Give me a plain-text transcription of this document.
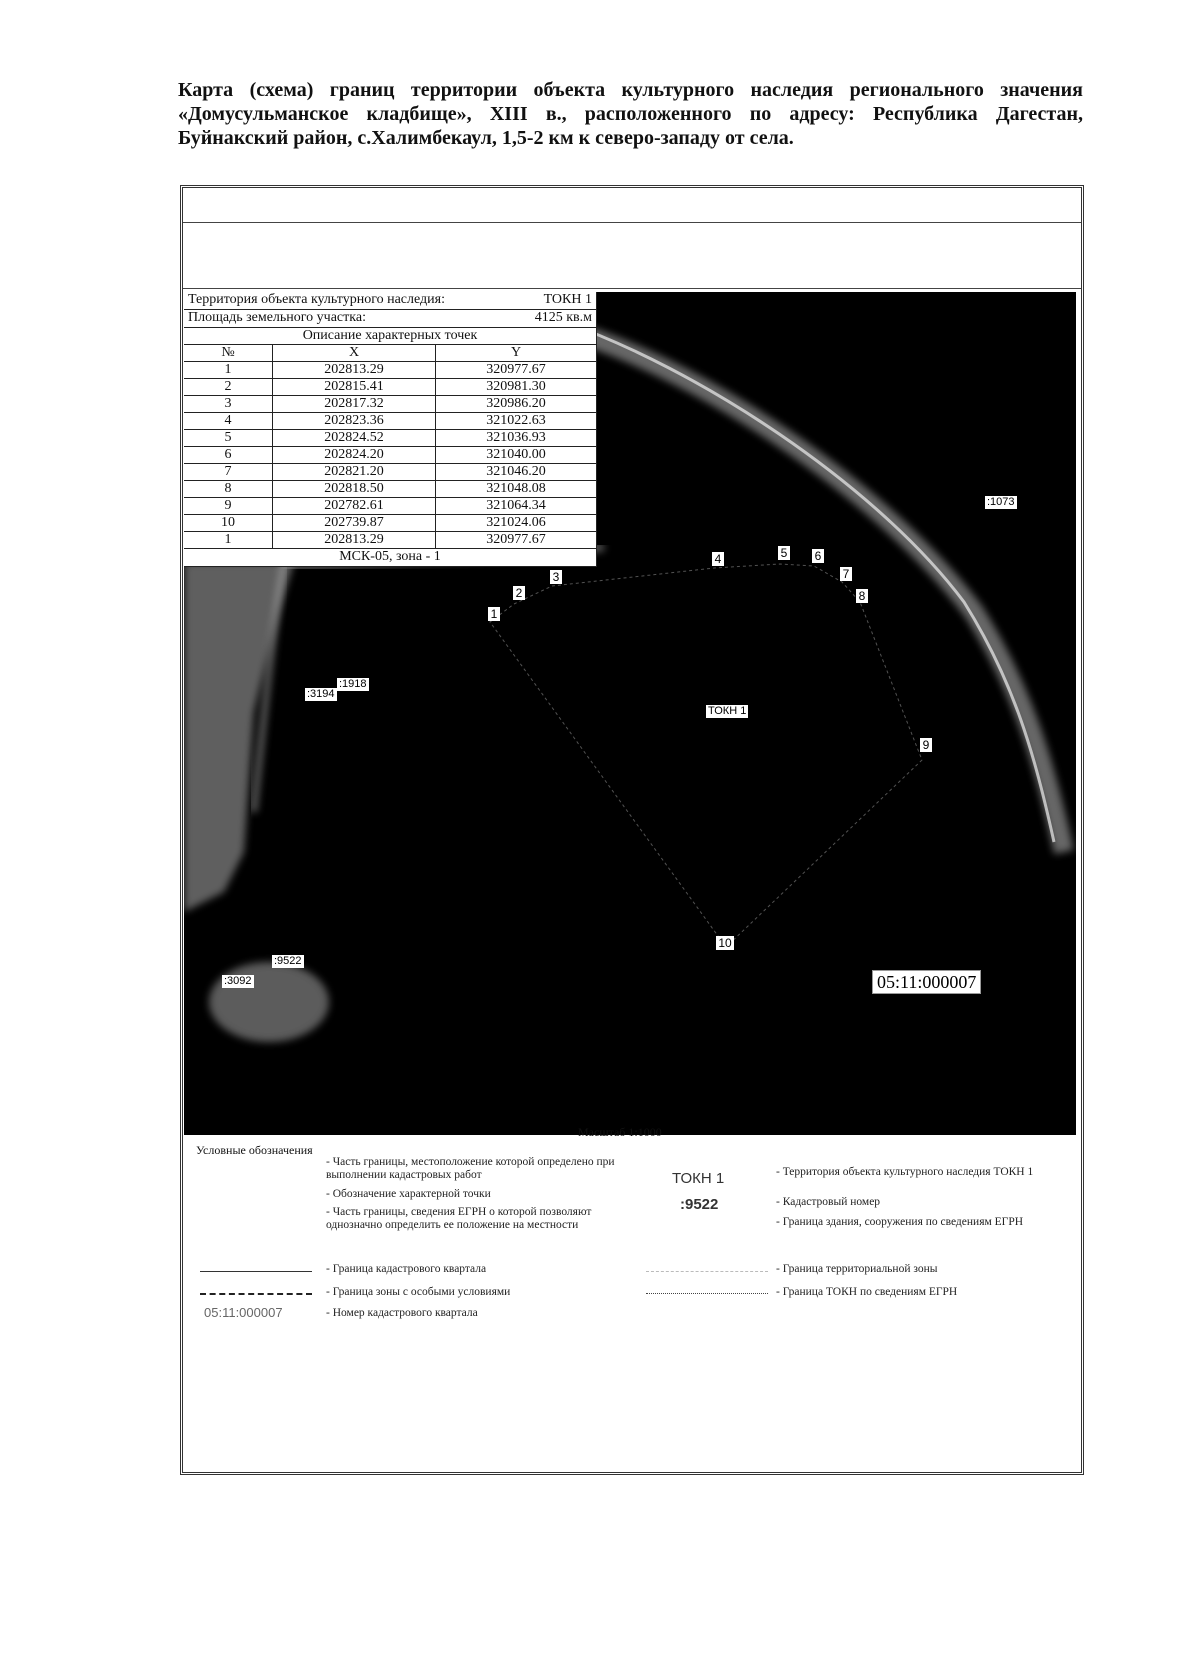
Карта (схема) границ территории объекта культурного наследия регионального значения «Домусульманское кладбище», XIII в., расположенного по адресу: Республика Дагестан, Буйнакский район, с.Халимбекаул, 1,5-2 км к северо-западу от села.
1
2
3
4	5 6
7
8
9
10
:1073
:1918
:3194
:9522
:3092
ТОКН 1
05:11:000007
Территория объекта культурного наследия:	ТОКН 1
Площадь земельного участка:	4125 кв.м
Описание характерных точек
№	X	Y
1	202813.29	320977.67
2	202815.41	320981.30
3	202817.32	320986.20
4	202823.36	321022.63
5	202824.52	321036.93
6	202824.20	321040.00
7	202821.20	321046.20
8	202818.50	321048.08
9	202782.61	321064.34
10	202739.87	321024.06
1	202813.29	320977.67
МСК-05, зона - 1
Масштаб 1:1000
Условные обозначения
- Часть границы, местоположение которой определено при выполнении кадастровых работ
- Обозначение характерной точки
- Часть границы, сведения ЕГРН о которой позволяют однозначно определить ее положение на местности
- Граница кадастрового квартала
- Граница зоны с особыми условиями
05:11:000007	- Номер кадастрового квартала
ТОКН 1	- Территория объекта культурного наследия ТОКН 1
:9522	- Кадастровый номер
- Граница здания, сооружения по сведениям ЕГРН
- Граница территориальной зоны
- Граница ТОКН по сведениям ЕГРН
